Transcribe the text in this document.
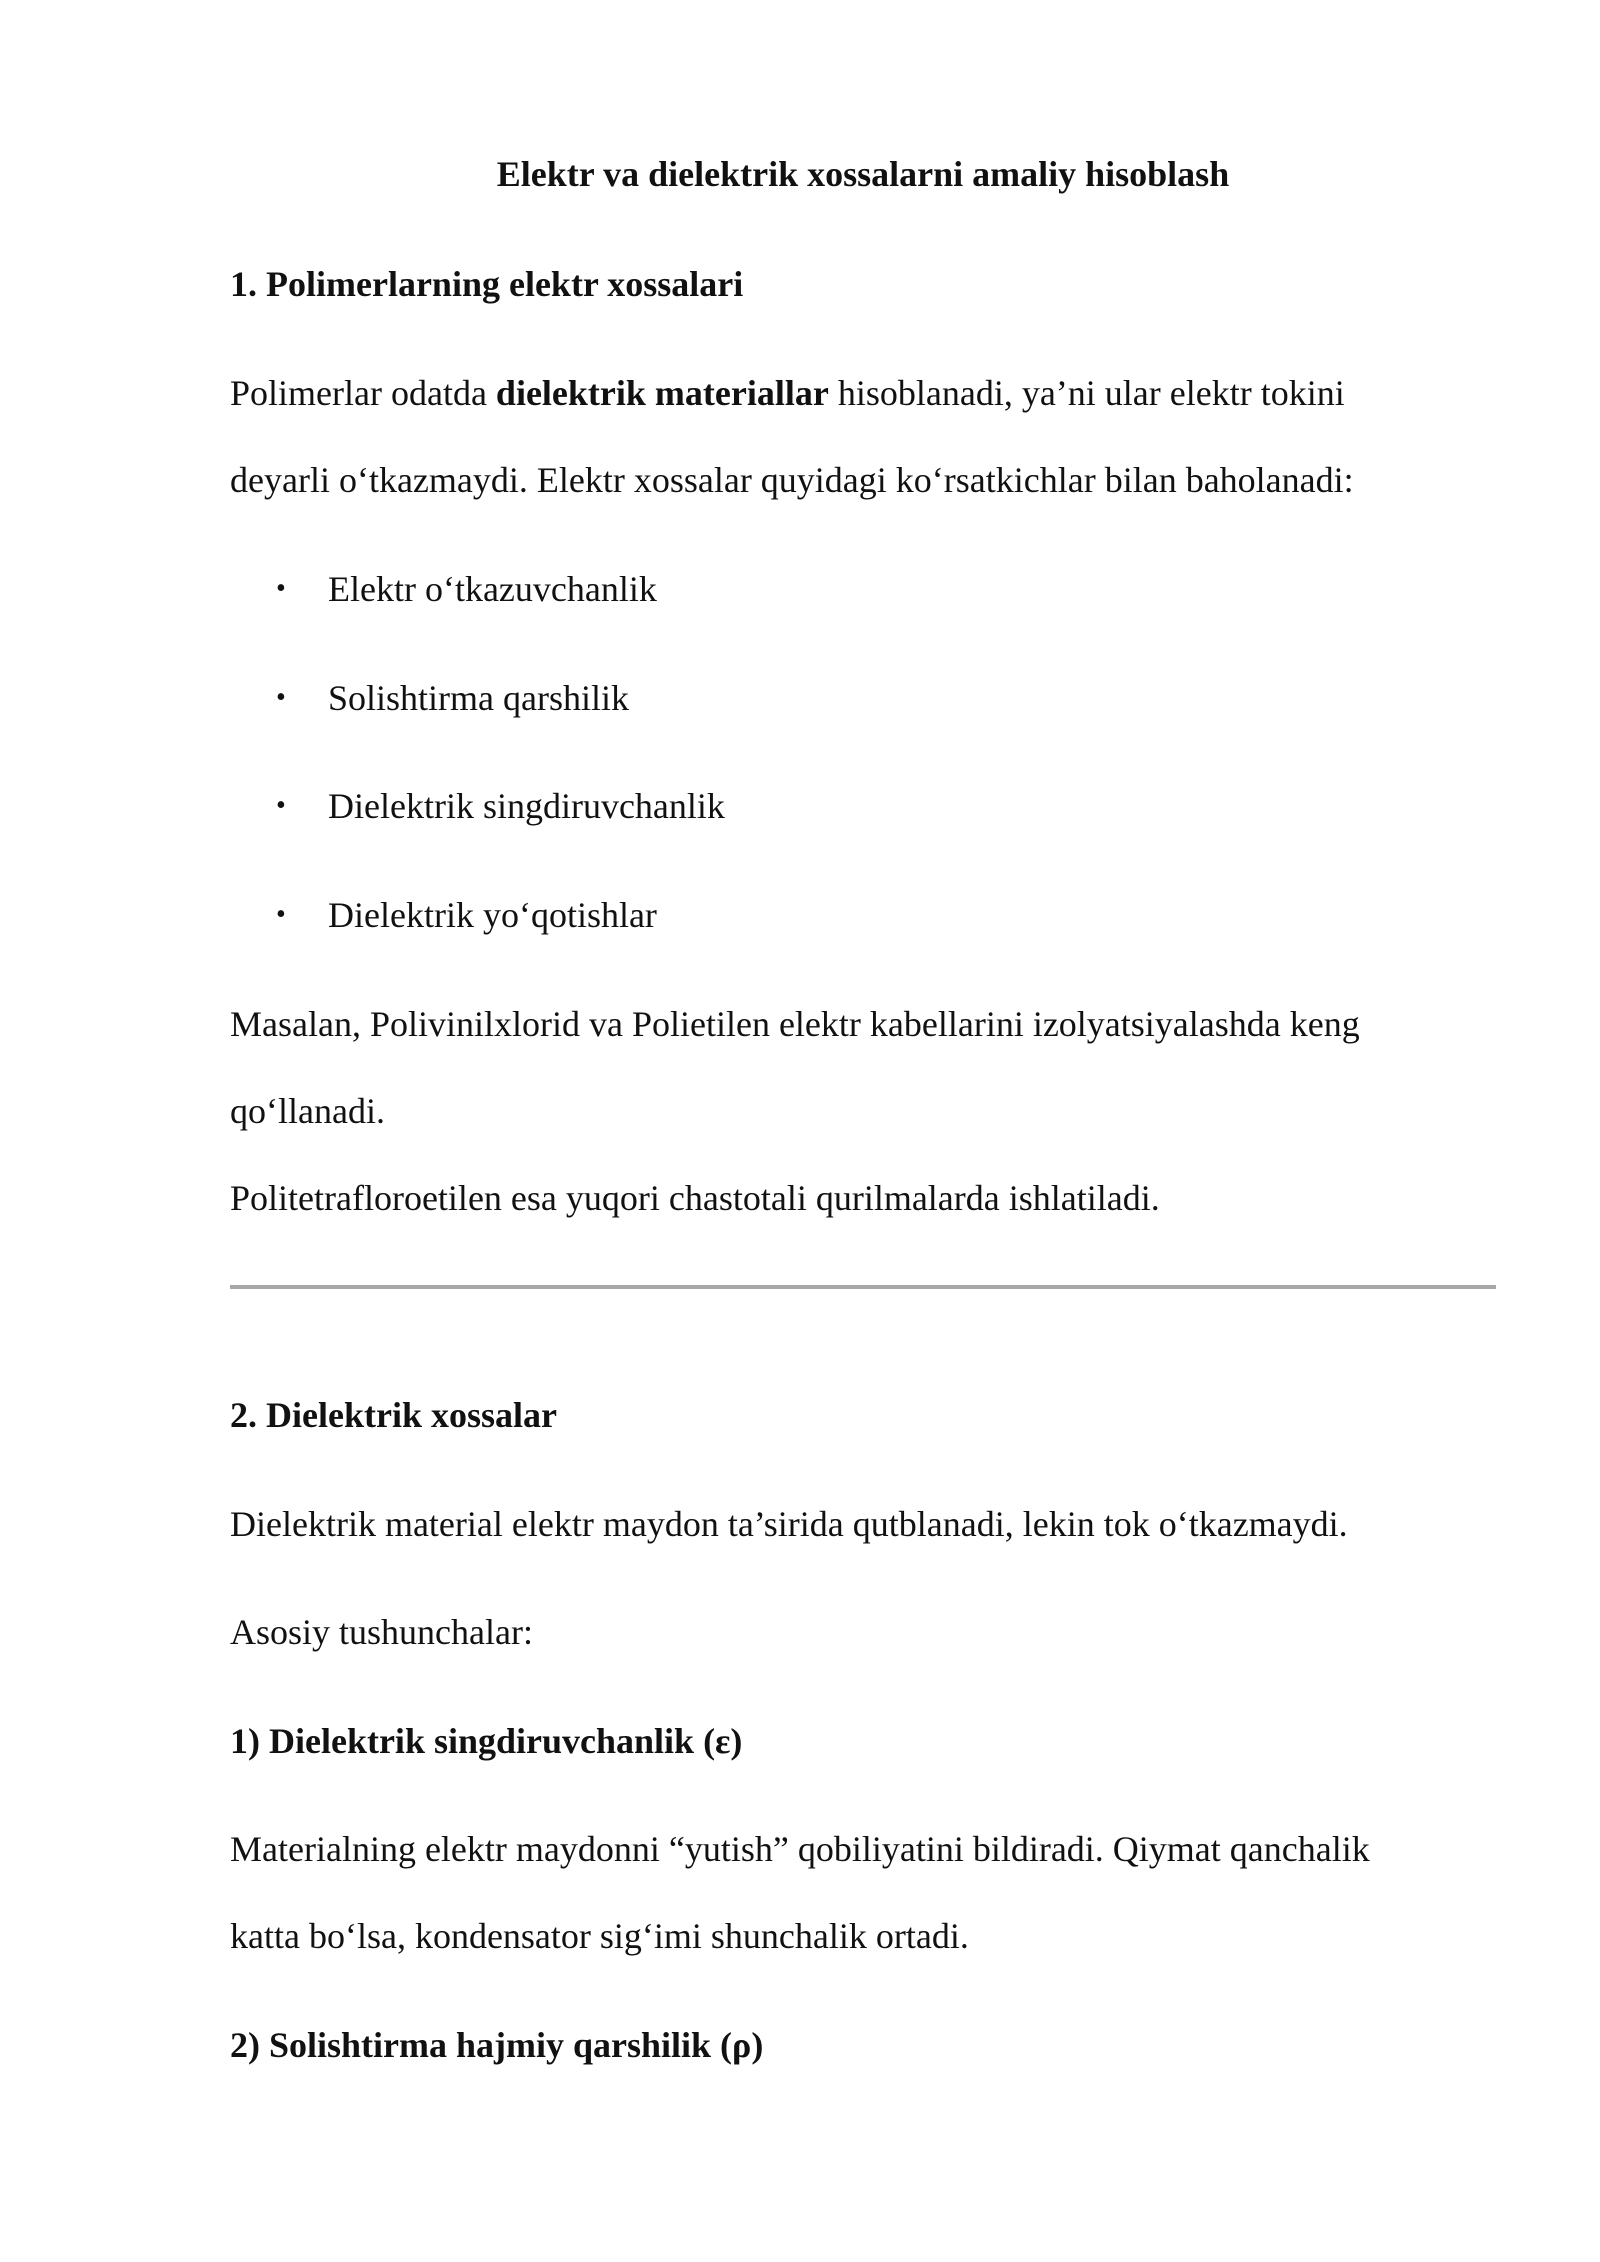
Elektr va dielektrik xossalarni amaliy hisoblash
1. Polimerlarning elektr xossalari
Polimerlar odatda dielektrik materiallar hisoblanadi, ya’ni ular elektr tokini
deyarli o‘tkazmaydi. Elektr xossalar quyidagi ko‘rsatkichlar bilan baholanadi:
• Elektr o‘tkazuvchanlik
• Solishtirma qarshilik
• Dielektrik singdiruvchanlik
• Dielektrik yo‘qotishlar
Masalan, Polivinilxlorid va Polietilen elektr kabellarini izolyatsiyalashda keng
qo‘llanadi.
Politetrafloroetilen esa yuqori chastotali qurilmalarda ishlatiladi.
2. Dielektrik xossalar
Dielektrik material elektr maydon ta’sirida qutblanadi, lekin tok o‘tkazmaydi.
Asosiy tushunchalar:
1) Dielektrik singdiruvchanlik (ε)
Materialning elektr maydonni “yutish” qobiliyatini bildiradi. Qiymat qanchalik
katta bo‘lsa, kondensator sig‘imi shunchalik ortadi.
2) Solishtirma hajmiy qarshilik (ρ)
